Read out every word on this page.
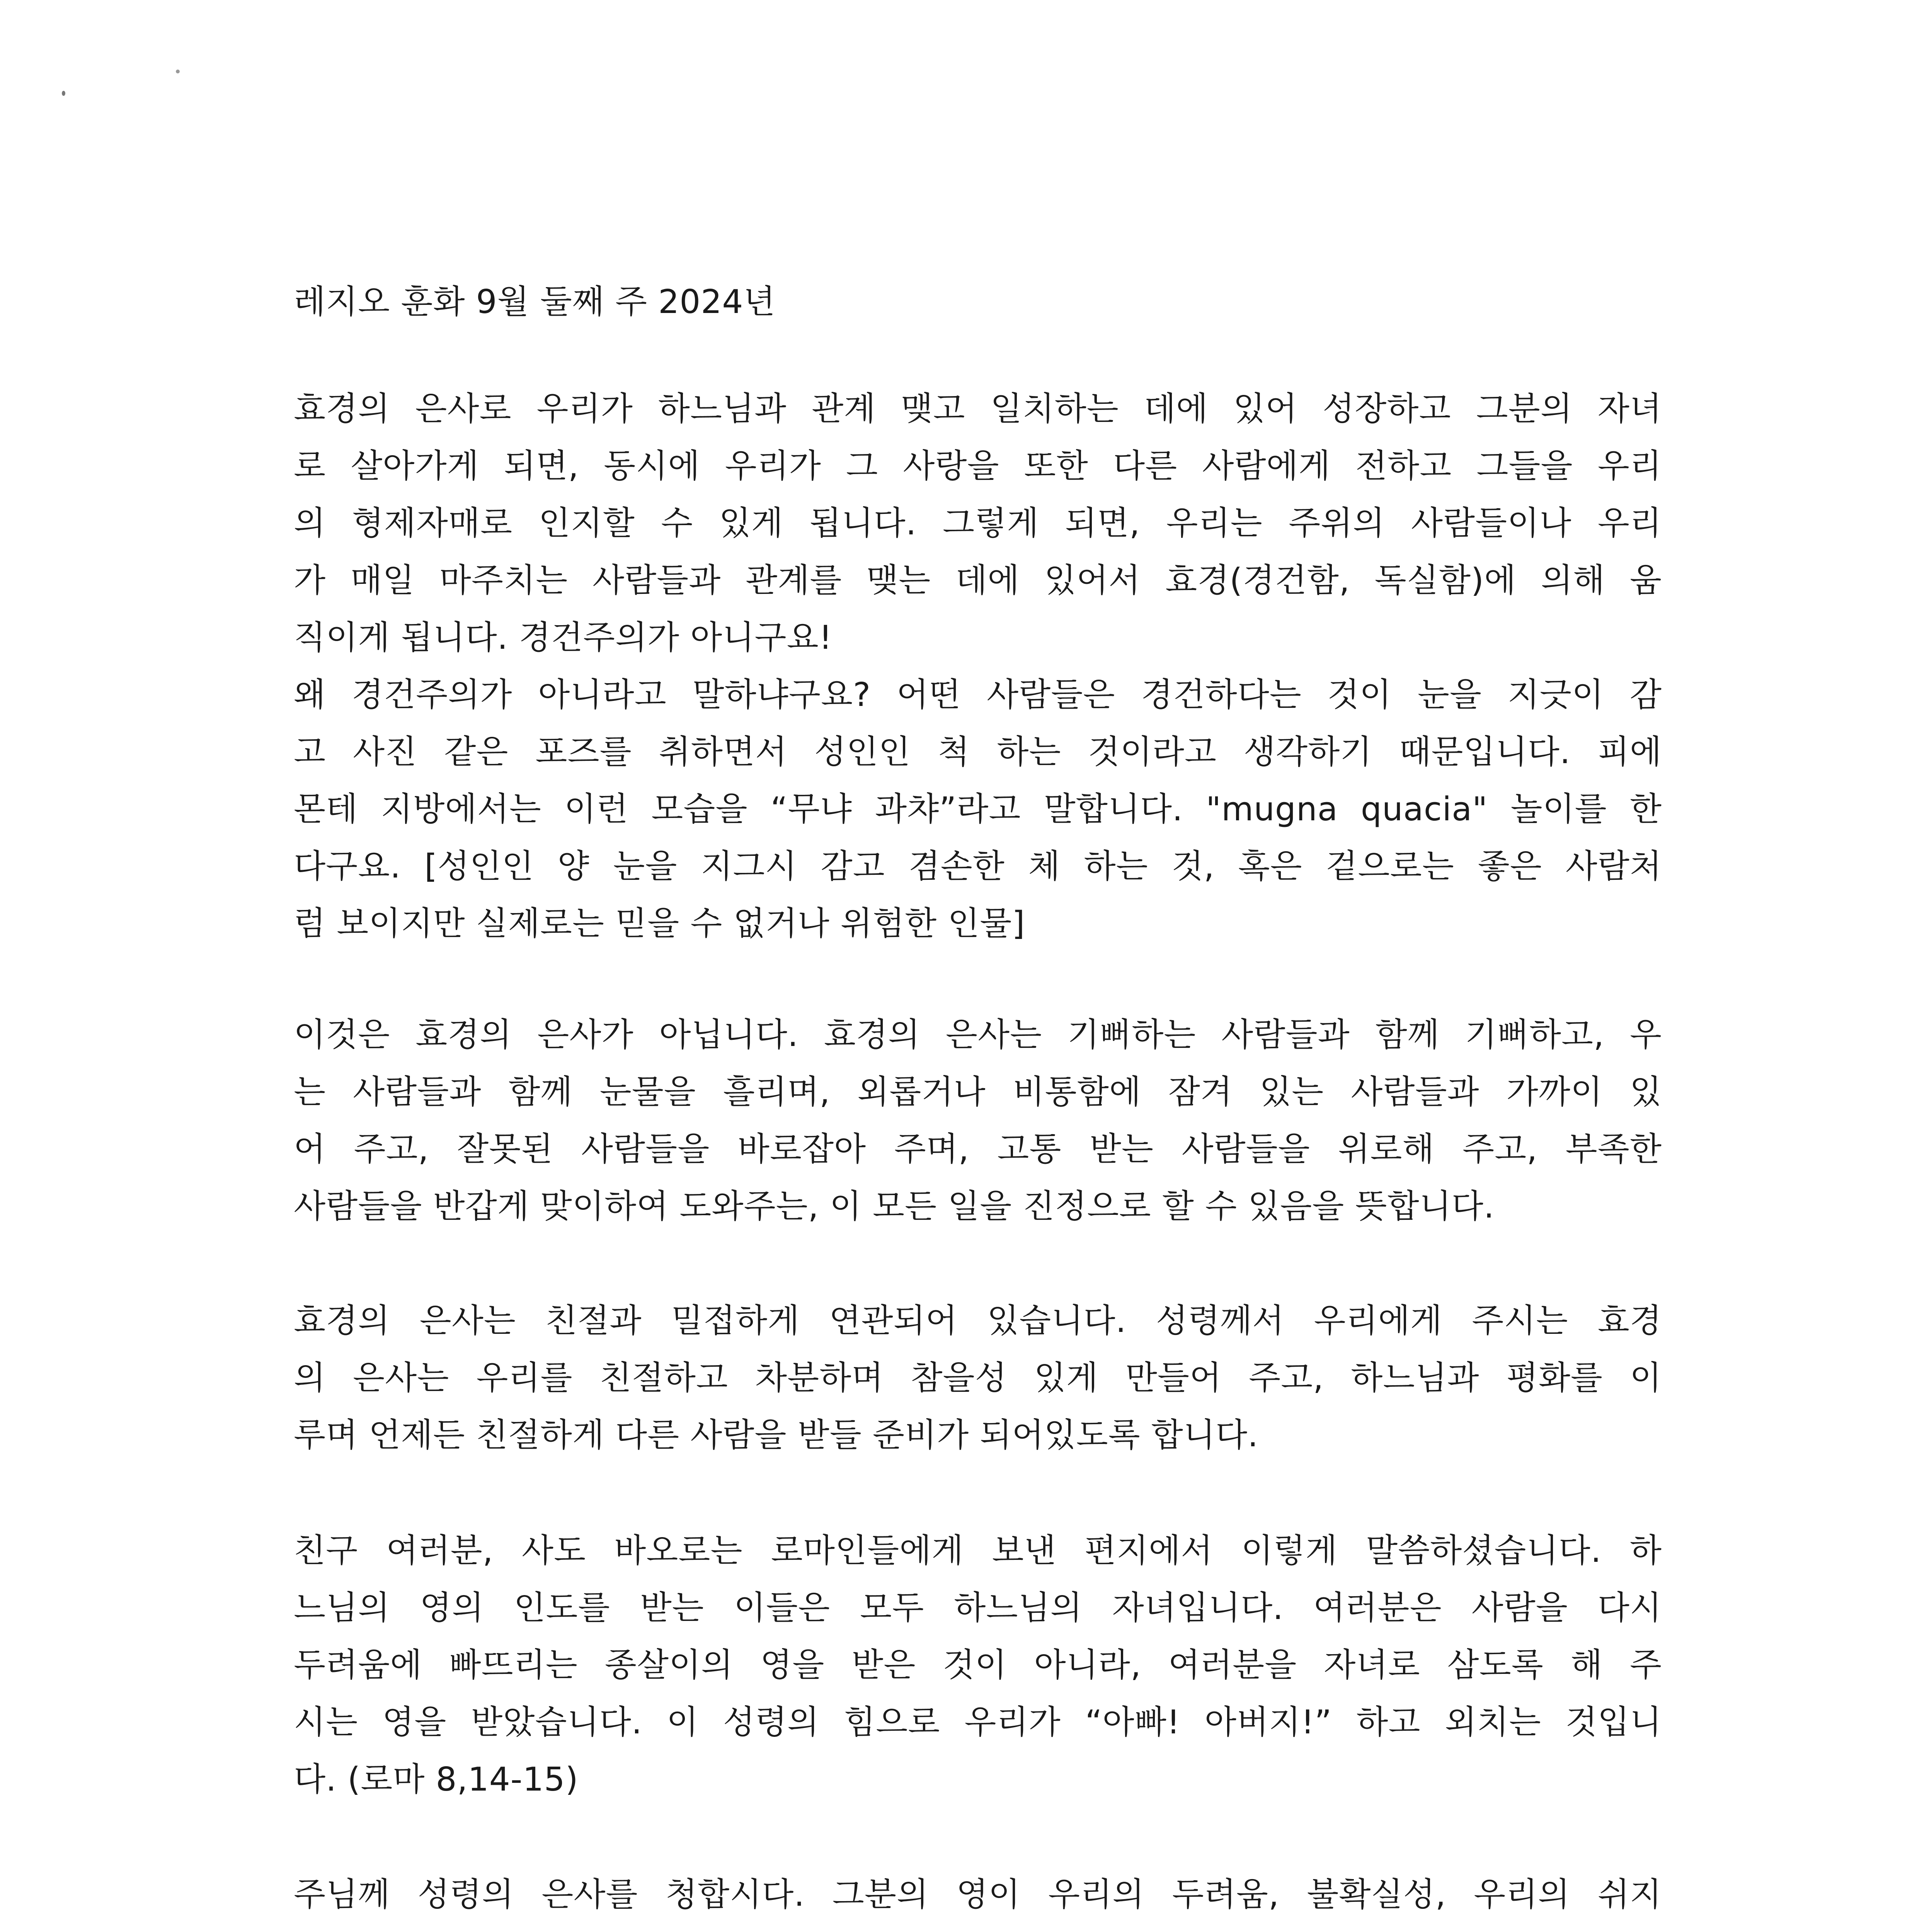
레지오 훈화 9월 둘째 주 2024년
효경의 은사로 우리가 하느님과 관계 맺고 일치하는 데에 있어 성장하고 그분의 자녀
로 살아가게 되면, 동시에 우리가 그 사랑을 또한 다른 사람에게 전하고 그들을 우리
의 형제자매로 인지할 수 있게 됩니다. 그렇게 되면, 우리는 주위의 사람들이나 우리
가 매일 마주치는 사람들과 관계를 맺는 데에 있어서 효경(경건함, 독실함)에 의해 움
직이게 됩니다. 경건주의가 아니구요!
왜 경건주의가 아니라고 말하냐구요? 어떤 사람들은 경건하다는 것이 눈을 지긋이 감
고 사진 같은 포즈를 취하면서 성인인 척 하는 것이라고 생각하기 때문입니다. 피에
몬테 지방에서는 이런 모습을 “무냐 과챠”라고 말합니다. "mugna quacia" 놀이를 한
다구요. [성인인 양 눈을 지그시 감고 겸손한 체 하는 것, 혹은 겉으로는 좋은 사람처
럼 보이지만 실제로는 믿을 수 없거나 위험한 인물]
이것은 효경의 은사가 아닙니다. 효경의 은사는 기뻐하는 사람들과 함께 기뻐하고, 우
는 사람들과 함께 눈물을 흘리며, 외롭거나 비통함에 잠겨 있는 사람들과 가까이 있
어 주고, 잘못된 사람들을 바로잡아 주며, 고통 받는 사람들을 위로해 주고, 부족한
사람들을 반갑게 맞이하여 도와주는, 이 모든 일을 진정으로 할 수 있음을 뜻합니다.
효경의 은사는 친절과 밀접하게 연관되어 있습니다. 성령께서 우리에게 주시는 효경
의 은사는 우리를 친절하고 차분하며 참을성 있게 만들어 주고, 하느님과 평화를 이
루며 언제든 친절하게 다른 사람을 받들 준비가 되어있도록 합니다.
친구 여러분, 사도 바오로는 로마인들에게 보낸 편지에서 이렇게 말씀하셨습니다. 하
느님의 영의 인도를 받는 이들은 모두 하느님의 자녀입니다. 여러분은 사람을 다시
두려움에 빠뜨리는 종살이의 영을 받은 것이 아니라, 여러분을 자녀로 삼도록 해 주
시는 영을 받았습니다. 이 성령의 힘으로 우리가 “아빠! 아버지!” 하고 외치는 것입니
다. (로마 8,14-15)
주님께 성령의 은사를 청합시다. 그분의 영이 우리의 두려움, 불확실성, 우리의 쉬지
